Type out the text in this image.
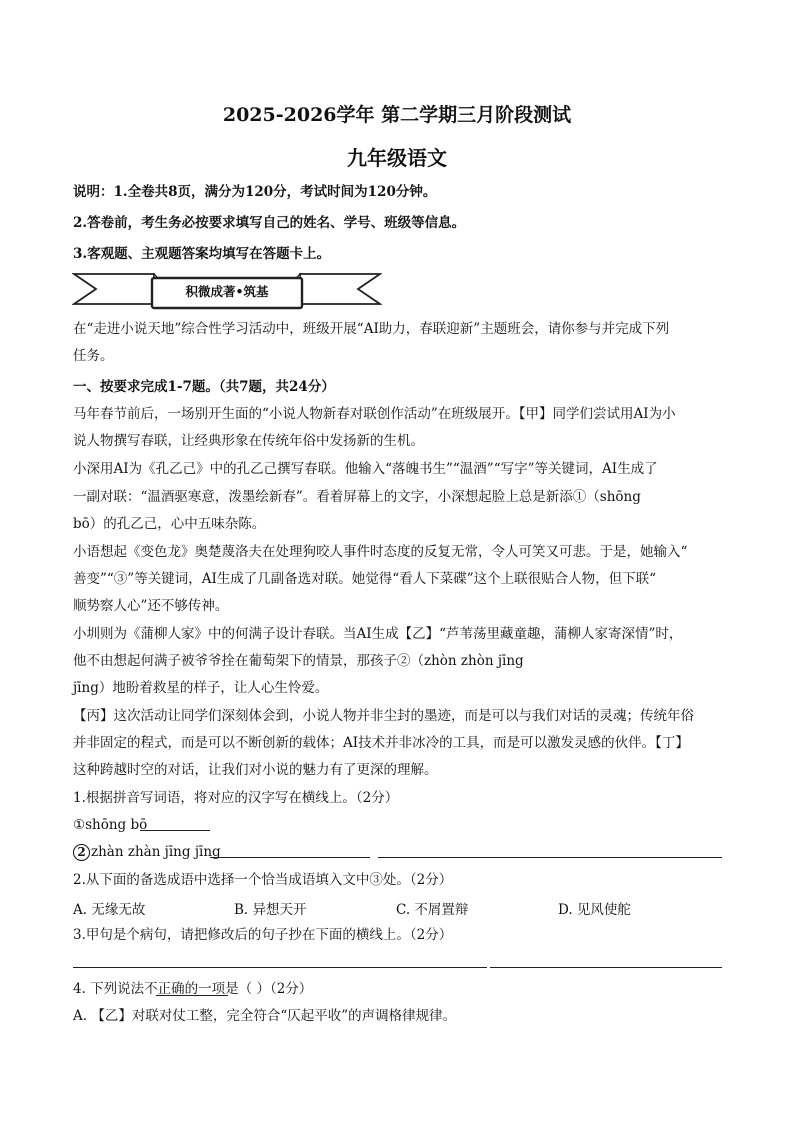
2025-2026学年 第二学期三月阶段测试
九年级语文
说明：1.全卷共8页，满分为120分，考试时间为120分钟。
2.答卷前，考生务必按要求填写自己的姓名、学号、班级等信息。
3.客观题、主观题答案均填写在答题卡上。
积微成著•筑基
在“走进小说天地”综合性学习活动中，班级开展“AI助力，春联迎新”主题班会，请你参与并完成下列
任务。
一、按要求完成1-7题。（共7题，共24分）
马年春节前后，一场别开生面的“小说人物新春对联创作活动”在班级展开。【甲】同学们尝试用AI为小
说人物撰写春联，让经典形象在传统年俗中发扬新的生机。
小深用AI为《孔乙己》中的孔乙己撰写春联。他输入“落魄书生”“温酒”“写字”等关键词，AI生成了
一副对联：“温酒驱寒意，泼墨绘新春”。看着屏幕上的文字，小深想起脸上总是新添①（shōng
bō）的孔乙己，心中五味杂陈。
小语想起《变色龙》奥楚蔑洛夫在处理狗咬人事件时态度的反复无常，令人可笑又可悲。于是，她输入“
善变”“③”等关键词，AI生成了几副备选对联。她觉得“看人下菜碟”这个上联很贴合人物，但下联“
顺势察人心”还不够传神。
小圳则为《蒲柳人家》中的何满子设计春联。当AI生成【乙】“芦苇荡里藏童趣，蒲柳人家寄深情”时，
他不由想起何满子被爷爷拴在葡萄架下的情景，那孩子②（zhòn zhòn jīng
jīng）地盼着救星的样子，让人心生怜爱。
【丙】这次活动让同学们深刻体会到，小说人物并非尘封的墨迹，而是可以与我们对话的灵魂；传统年俗
并非固定的程式，而是可以不断创新的载体；AI技术并非冰冷的工具，而是可以激发灵感的伙伴。【丁】
这种跨越时空的对话，让我们对小说的魅力有了更深的理解。
1.根据拼音写词语，将对应的汉字写在横线上。（2分）
①shōng bō
2 zhàn zhàn jīng jīng
2.从下面的备选成语中选择一个恰当成语填入文中③处。（2分）
A. 无缘无故	B. 异想天开	C. 不屑置辩	D. 见风使舵
3.甲句是个病句，请把修改后的句子抄在下面的横线上。（2分）
4. 下列说法不正确的一项是（ ）（2分）
A. 【乙】对联对仗工整，完全符合“仄起平收”的声调格律规律。
